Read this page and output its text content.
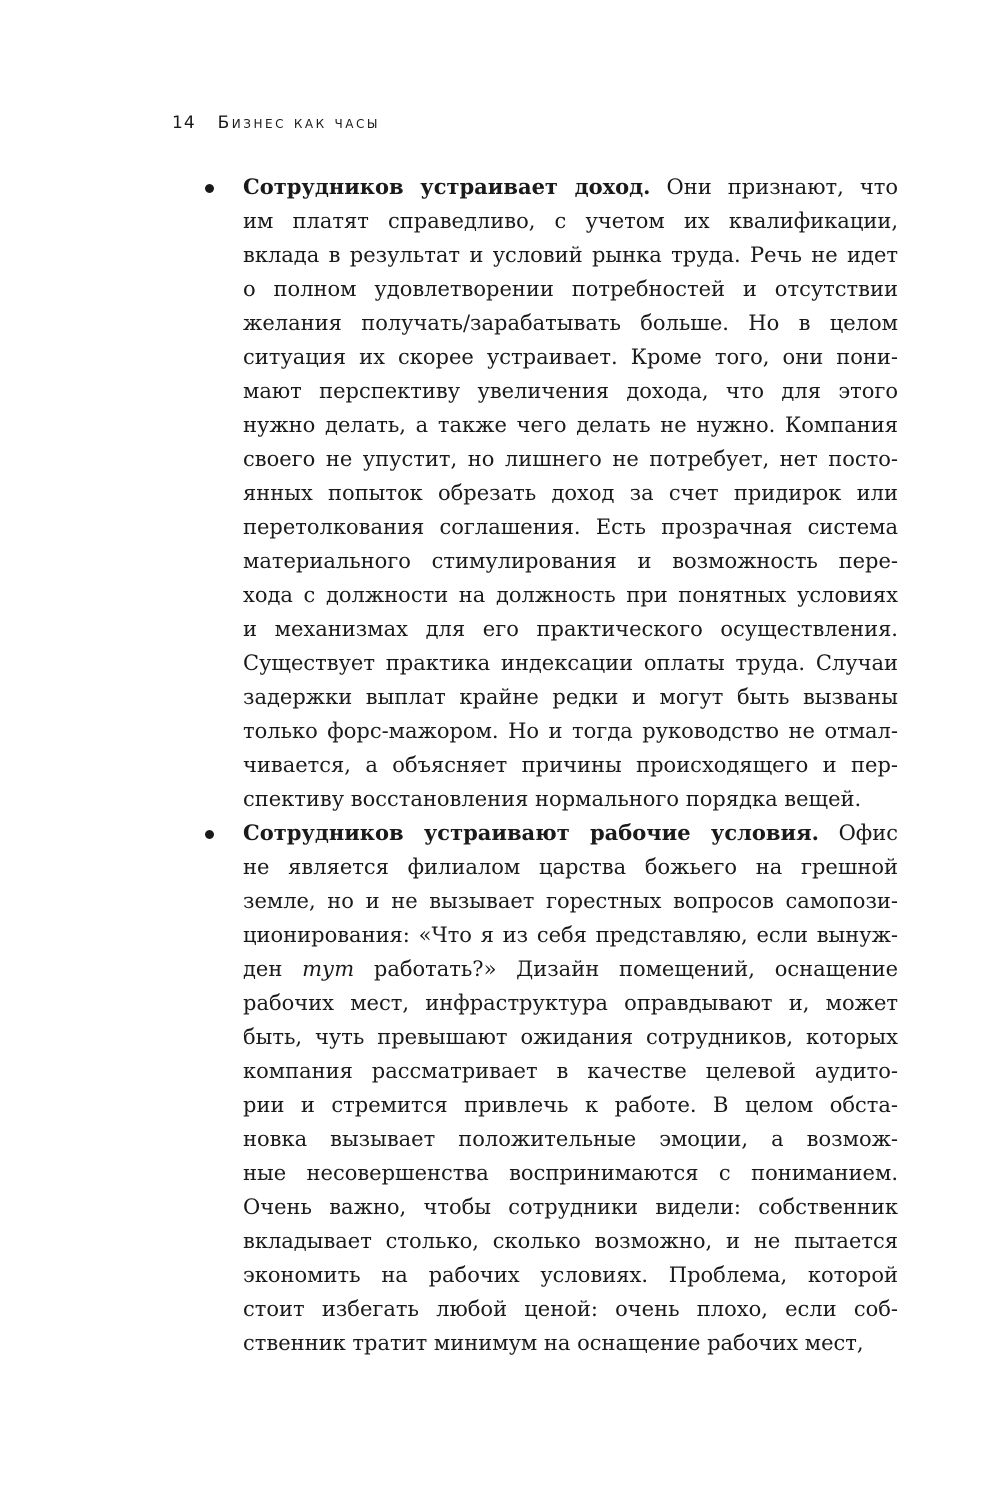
14 Бизнес как часы
Сотрудников устраивает доход. Они признают, что
им платят справедливо, с учетом их квалификации,
вклада в результат и условий рынка труда. Речь не идет
о полном удовлетворении потребностей и отсутствии
желания получать/зарабатывать больше. Но в целом
ситуация их скорее устраивает. Кроме того, они пони-
мают перспективу увеличения дохода, что для этого
нужно делать, а также чего делать не нужно. Компания
своего не упустит, но лишнего не потребует, нет посто-
янных попыток обрезать доход за счет придирок или
перетолкования соглашения. Есть прозрачная система
материального стимулирования и возможность пере-
хода с должности на должность при понятных условиях
и механизмах для его практического осуществления.
Существует практика индексации оплаты труда. Случаи
задержки выплат крайне редки и могут быть вызваны
только форс-мажором. Но и тогда руководство не отмал-
чивается, а объясняет причины происходящего и пер-
спективу восстановления нормального порядка вещей.
Сотрудников устраивают рабочие условия. Офис
не является филиалом царства божьего на грешной
земле, но и не вызывает горестных вопросов самопози-
ционирования: «Что я из себя представляю, если вынуж-
ден тут работать?» Дизайн помещений, оснащение
рабочих мест, инфраструктура оправдывают и, может
быть, чуть превышают ожидания сотрудников, которых
компания рассматривает в качестве целевой аудито-
рии и стремится привлечь к работе. В целом обста-
новка вызывает положительные эмоции, а возмож-
ные несовершенства воспринимаются с пониманием.
Очень важно, чтобы сотрудники видели: собственник
вкладывает столько, сколько возможно, и не пытается
экономить на рабочих условиях. Проблема, которой
стоит избегать любой ценой: очень плохо, если соб-
ственник тратит минимум на оснащение рабочих мест,
